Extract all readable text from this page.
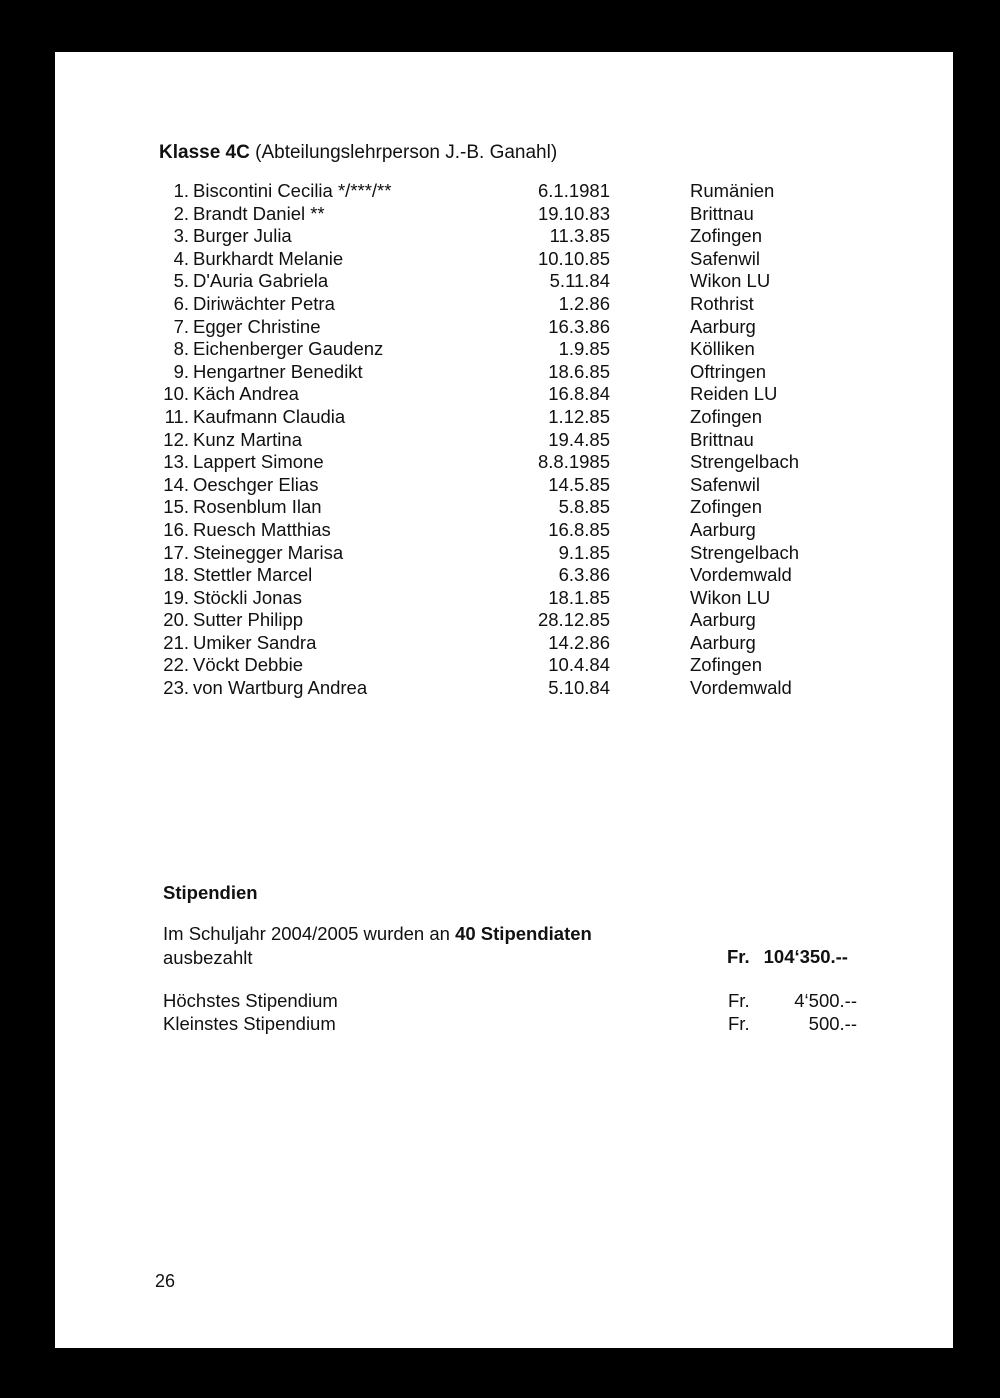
Klasse 4C (Abteilungslehrperson J.-B. Ganahl)
1. Biscontini Cecilia */***/**	6.1.1981	Rumänien
2. Brandt Daniel **	19.10.83	Brittnau
3. Burger Julia	11.3.85	Zofingen
4. Burkhardt Melanie	10.10.85	Safenwil
5. D'Auria Gabriela	5.11.84	Wikon LU
6. Diriwächter Petra	1.2.86	Rothrist
7. Egger Christine	16.3.86	Aarburg
8. Eichenberger Gaudenz	1.9.85	Kölliken
9. Hengartner Benedikt	18.6.85	Oftringen
10. Käch Andrea	16.8.84	Reiden LU
11. Kaufmann Claudia	1.12.85	Zofingen
12. Kunz Martina	19.4.85	Brittnau
13. Lappert Simone	8.8.1985	Strengelbach
14. Oeschger Elias	14.5.85	Safenwil
15. Rosenblum Ilan	5.8.85	Zofingen
16. Ruesch Matthias	16.8.85	Aarburg
17. Steinegger Marisa	9.1.85	Strengelbach
18. Stettler Marcel	6.3.86	Vordemwald
19. Stöckli Jonas	18.1.85	Wikon LU
20. Sutter Philipp	28.12.85	Aarburg
21. Umiker Sandra	14.2.86	Aarburg
22. Vöckt Debbie	10.4.84	Zofingen
23. von Wartburg Andrea	5.10.84	Vordemwald
Stipendien
Im Schuljahr 2004/2005 wurden an 40 Stipendiaten
ausbezahlt	Fr. 104‘350.--
Höchstes Stipendium	Fr.	4‘500.--
Kleinstes Stipendium	Fr.	500.--
26
